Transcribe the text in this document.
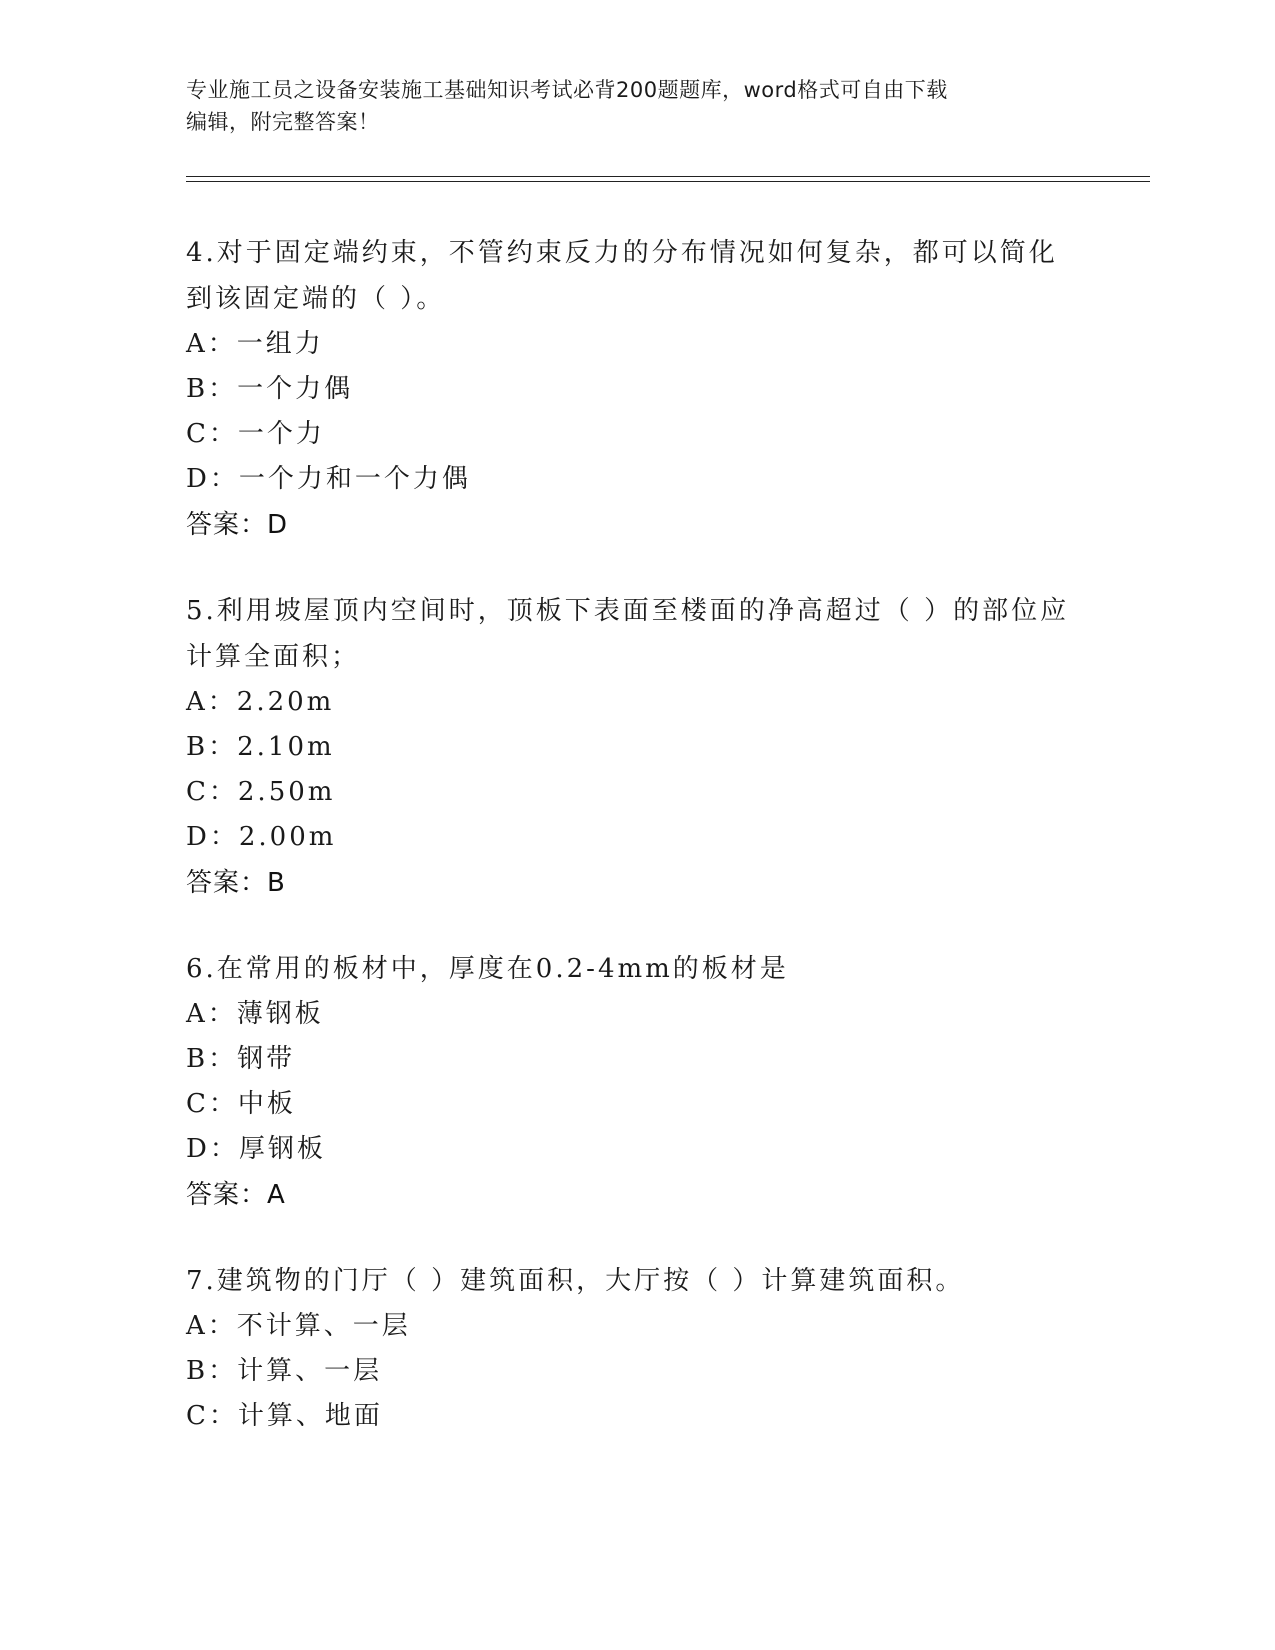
专业施工员之设备安装施工基础知识考试必背200题题库，word格式可自由下载
编辑，附完整答案！

4.对于固定端约束，不管约束反力的分布情况如何复杂，都可以简化

到该固定端的（ ）。

A：一组力

B：一个力偶

C：一个力

D：一个力和一个力偶

答案：D

5.利用坡屋顶内空间时，顶板下表面至楼面的净高超过（ ）的部位应

计算全面积；

A：2.20m

B：2.10m

C：2.50m

D：2.00m

答案：B

6.在常用的板材中，厚度在0.2-4mm的板材是

A：薄钢板

B：钢带

C：中板

D：厚钢板

答案：A

7.建筑物的门厅（ ）建筑面积，大厅按（ ）计算建筑面积。

A：不计算、一层

B：计算、一层

C：计算、地面
